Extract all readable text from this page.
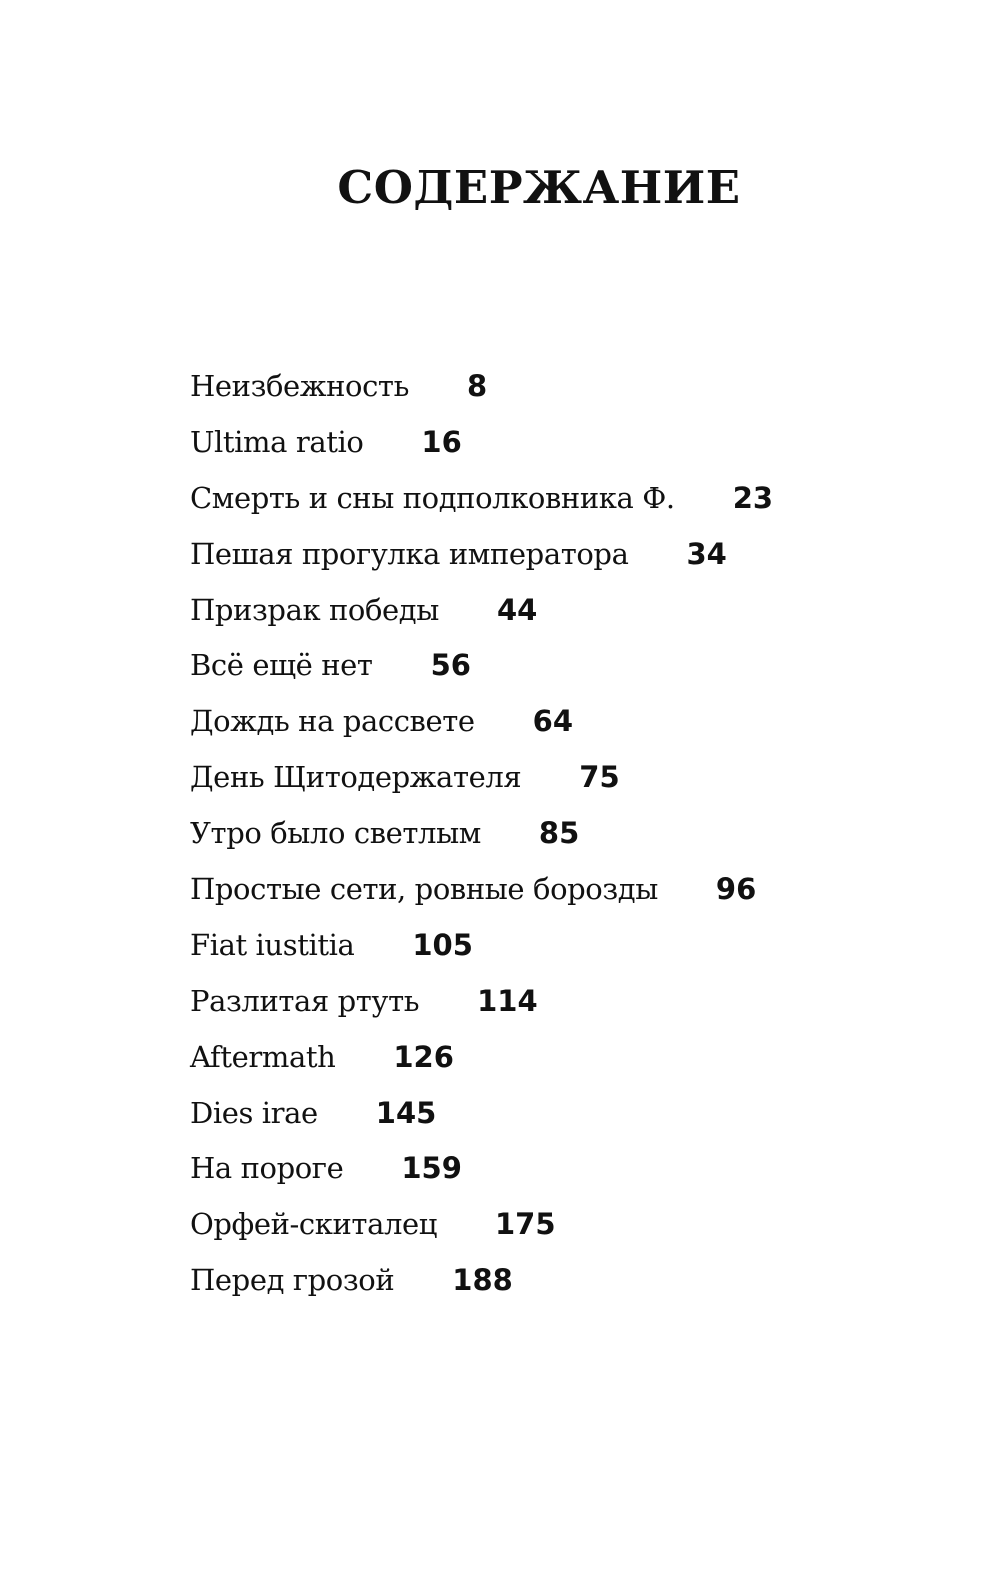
СОДЕРЖАНИЕ
Неизбежность 8
Ultima ratio 16
Смерть и сны подполковника Ф. 23
Пешая прогулка императора 34
Призрак победы 44
Всё ещё нет 56
Дождь на рассвете 64
День Щитодержателя 75
Утро было светлым 85
Простые сети, ровные борозды 96
Fiat iustitia 105
Разлитая ртуть 114
Aftermath 126
Dies irae 145
На пороге 159
Орфей-скиталец 175
Перед грозой 188
